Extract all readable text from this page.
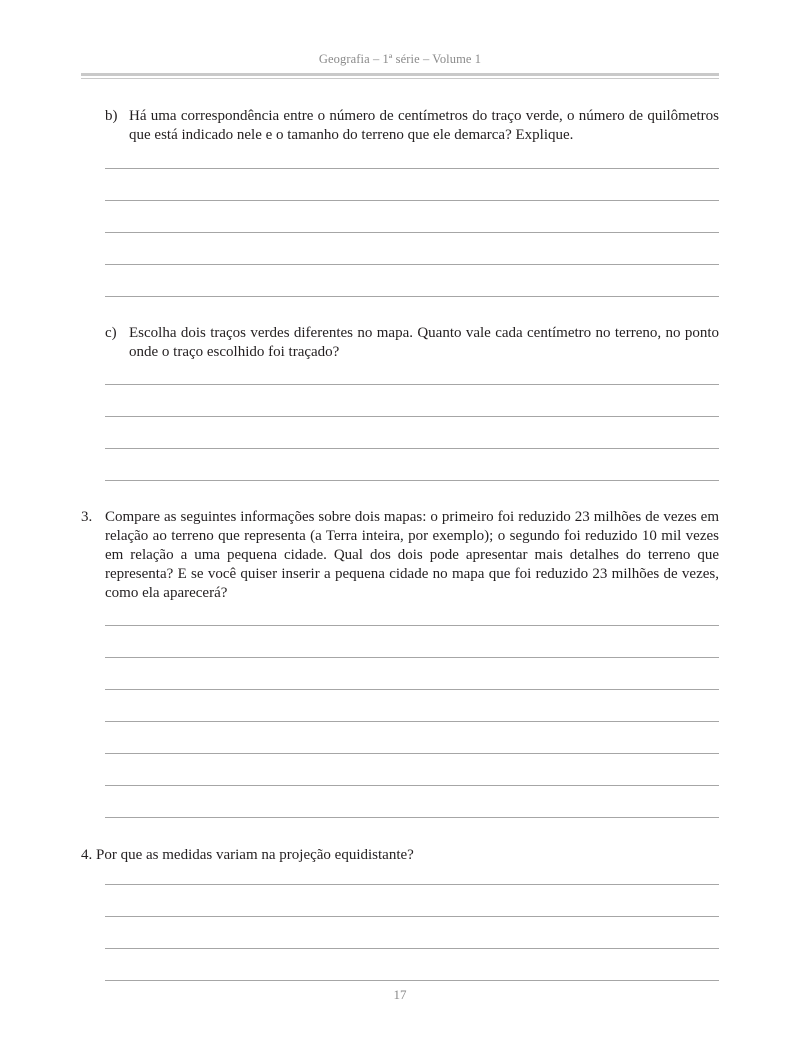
Geografia – 1ª série – Volume 1
b) Há uma correspondência entre o número de centímetros do traço verde, o número de quilômetros que está indicado nele e o tamanho do terreno que ele demarca? Explique.
c) Escolha dois traços verdes diferentes no mapa. Quanto vale cada centímetro no terreno, no ponto onde o traço escolhido foi traçado?
3. Compare as seguintes informações sobre dois mapas: o primeiro foi reduzido 23 milhões de vezes em relação ao terreno que representa (a Terra inteira, por exemplo); o segundo foi reduzido 10 mil vezes em relação a uma pequena cidade. Qual dos dois pode apresentar mais detalhes do terreno que representa? E se você quiser inserir a pequena cidade no mapa que foi reduzido 23 milhões de vezes, como ela aparecerá?
4. Por que as medidas variam na projeção equidistante?
17
